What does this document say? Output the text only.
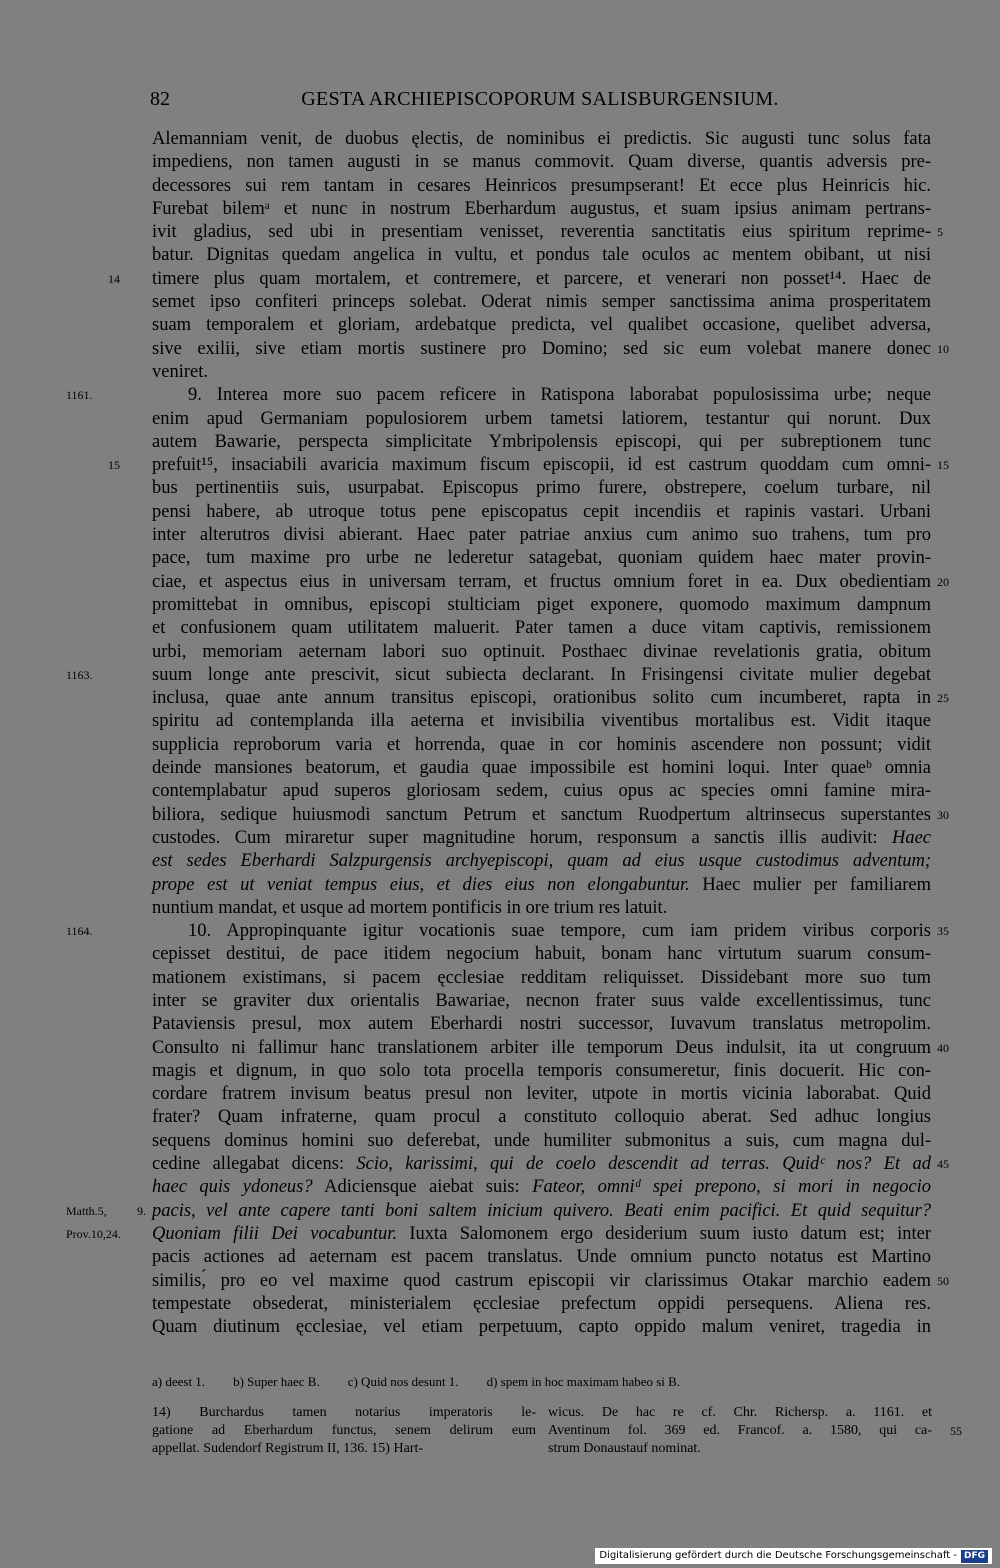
82	GESTA ARCHIEPISCOPORUM SALISBURGENSIUM.
Alemanniam venit, de duobus ęlectis, de nominibus ei predictis. Sic augusti tunc solus fata
impediens, non tamen augusti in se manus commovit. Quam diverse, quantis adversis pre-
decessores sui rem tantam in cesares Heinricos presumpserant! Et ecce plus Heinricis hic.
Furebat bilemᵃ et nunc in nostrum Eberhardum augustus, et suam ipsius animam pertrans-
ivit gladius, sed ubi in presentiam venisset, reverentia sanctitatis eius spiritum reprime- 5
batur. Dignitas quedam angelica in vultu, et pondus tale oculos ac mentem obibant, ut nisi
timere plus quam mortalem, et contremere, et parcere, et venerari non posset¹⁴. Haec de
14
semet ipso confiteri princeps solebat. Oderat nimis semper sanctissima anima prosperitatem
suam temporalem et gloriam, ardebatque predicta, vel qualibet occasione, quelibet adversa,
sive exilii, sive etiam mortis sustinere pro Domino; sed sic eum volebat manere donec 10
veniret.
9. Interea more suo pacem reficere in Ratispona laborabat populosissima urbe; neque
1161.
enim apud Germaniam populosiorem urbem tametsi latiorem, testantur qui norunt. Dux
autem Bawarie, perspecta simplicitate Ymbripolensis episcopi, qui per subreptionem tunc
prefuit¹⁵, insaciabili avaricia maximum fiscum episcopii, id est castrum quoddam cum omni-
15	15
bus pertinentiis suis, usurpabat. Episcopus primo furere, obstrepere, coelum turbare, nil
pensi habere, ab utroque totus pene episcopatus cepit incendiis et rapinis vastari. Urbani
inter alterutros divisi abierant. Haec pater patriae anxius cum animo suo trahens, tum pro
pace, tum maxime pro urbe ne lederetur satagebat, quoniam quidem haec mater provin-
ciae, et aspectus eius in universam terram, et fructus omnium foret in ea. Dux obedientiam 20
promittebat in omnibus, episcopi stulticiam piget exponere, quomodo maximum dampnum
et confusionem quam utilitatem maluerit. Pater tamen a duce vitam captivis, remissionem
urbi, memoriam aeternam labori suo optinuit. Posthaec divinae revelationis gratia, obitum
suum longe ante prescivit, sicut subiecta declarant. In Frisingensi civitate mulier degebat
1163.
inclusa, quae ante annum transitus episcopi, orationibus solito cum incumberet, rapta in 25
spiritu ad contemplanda illa aeterna et invisibilia viventibus mortalibus est. Vidit itaque
supplicia reproborum varia et horrenda, quae in cor hominis ascendere non possunt; vidit
deinde mansiones beatorum, et gaudia quae impossibile est homini loqui. Inter quaeᵇ omnia
contemplabatur apud superos gloriosam sedem, cuius opus ac species omni famine mira-
biliora, sedique huiusmodi sanctum Petrum et sanctum Ruodpertum altrinsecus superstantes 30
custodes. Cum miraretur super magnitudine horum, responsum a sanctis illis audivit: Haec
est sedes Eberhardi Salzpurgensis archyepiscopi, quam ad eius usque custodimus adventum;
prope est ut veniat tempus eius, et dies eius non elongabuntur. Haec mulier per familiarem
nuntium mandat, et usque ad mortem pontificis in ore trium res latuit.
10. Appropinquante igitur vocationis suae tempore, cum iam pridem viribus corporis 35
1164.
cepisset destitui, de pace itidem negocium habuit, bonam hanc virtutum suarum consum-
mationem existimans, si pacem ęcclesiae redditam reliquisset. Dissidebant more suo tum
inter se graviter dux orientalis Bawariae, necnon frater suus valde excellentissimus, tunc
Pataviensis presul, mox autem Eberhardi nostri successor, Iuvavum translatus metropolim.
Consulto ni fallimur hanc translationem arbiter ille temporum Deus indulsit, ita ut congruum 40
magis et dignum, in quo solo tota procella temporis consumeretur, finis docuerit. Hic con-
cordare fratrem invisum beatus presul non leviter, utpote in mortis vicinia laborabat. Quid
frater? Quam infraterne, quam procul a constituto colloquio aberat. Sed adhuc longius
sequens dominus homini suo deferebat, unde humiliter submonitus a suis, cum magna dul-
cedine allegabat dicens: Scio, karissimi, qui de coelo descendit ad terras. Quidᶜ nos? Et ad 45
haec quis ydoneus? Adiciensque aiebat suis: Fateor, omniᵈ spei prepono, si mori in negocio
pacis, vel ante capere tanti boni saltem inicium quivero. Beati enim pacifici. Et quid sequitur?
Matth.5, 9.
Quoniam filii Dei vocabuntur. Iuxta Salomonem ergo desiderium suum iusto datum est; inter
Prov.10,24.
pacis actiones ad aeternam est pacem translatus. Unde omnium puncto notatus est Martino
similis,́ pro eo vel maxime quod castrum episcopii vir clarissimus Otakar marchio eadem 50
tempestate obsederat, ministerialem ęcclesiae prefectum oppidi persequens. Aliena res.
Quam diutinum ęcclesiae, vel etiam perpetuum, capto oppido malum veniret, tragedia in
a) deest 1. b) Super haec B. c) Quid nos desunt 1. d) spem in hoc maximam habeo si B.
14) Burchardus tamen notarius imperatoris le-
gatione ad Eberhardum functus, senem delirum eum
appellat. Sudendorf Registrum II, 136. 15) Hart-
wicus. De hac re cf. Chr. Richersp. a. 1161. et
Aventinum fol. 369 ed. Francof. a. 1580, qui ca- 55
strum Donaustauf nominat.
Digitalisierung gefördert durch die Deutsche Forschungsgemeinschaft - DFG
